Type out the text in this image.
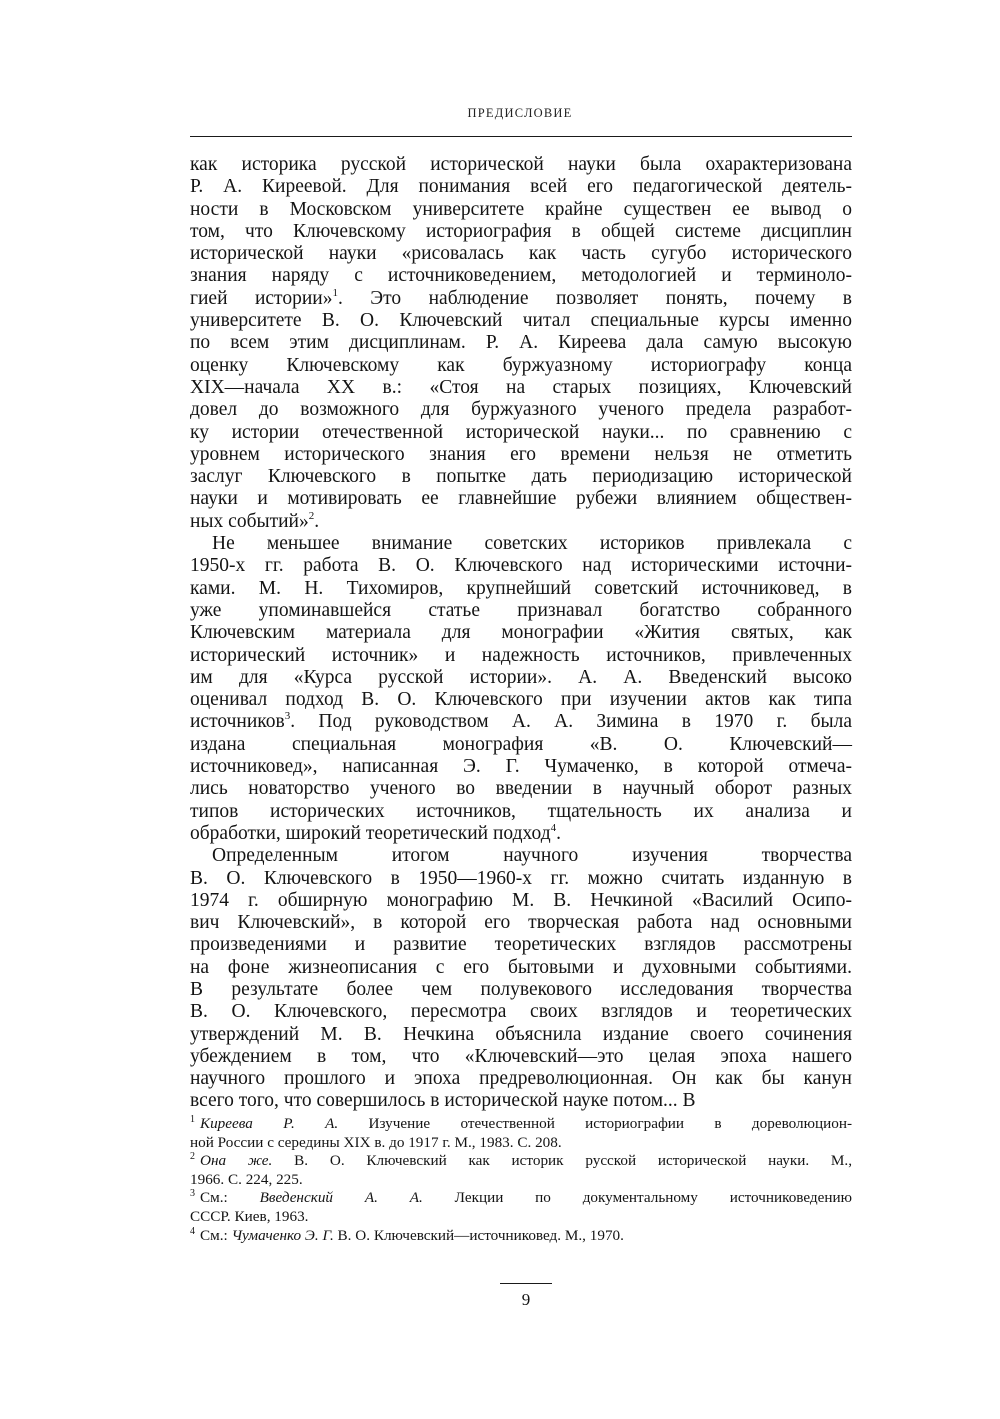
ПРЕДИСЛОВИЕ
как историка русской исторической науки была охарактеризована
Р. А. Киреевой. Для понимания всей его педагогической деятель-
ности в Московском университете крайне существен ее вывод о
том, что Ключевскому историография в общей системе дисциплин
исторической науки «рисовалась как часть сугубо исторического
знания наряду с источниковедением, методологией и терминоло-
гией истории»$^1$. Это наблюдение позволяет понять, почему в
университете В. О. Ключевский читал специальные курсы именно
по всем этим дисциплинам. Р. А. Киреева дала самую высокую
оценку Ключевскому как буржуазному историографу конца
XIX—начала XX в.: «Стоя на старых позициях, Ключевский
довел до возможного для буржуазного ученого предела разработ-
ку истории отечественной исторической науки... по сравнению с
уровнем исторического знания его времени нельзя не отметить
заслуг Ключевского в попытке дать периодизацию исторической
науки и мотивировать ее главнейшие рубежи влиянием обществен-
ных событий»$^2$.
Не меньшее внимание советских историков привлекала с
1950-х гг. работа В. О. Ключевского над историческими источни-
ками. М. Н. Тихомиров, крупнейший советский источниковед, в
уже упоминавшейся статье признавал богатство собранного
Ключевским материала для монографии «Жития святых, как
исторический источник» и надежность источников, привлеченных
им для «Курса русской истории». А. А. Введенский высоко
оценивал подход В. О. Ключевского при изучении актов как типа
источников$^3$. Под руководством А. А. Зимина в 1970 г. была
издана специальная монография «В. О. Ключевский—
источниковед», написанная Э. Г. Чумаченко, в которой отмеча-
лись новаторство ученого во введении в научный оборот разных
типов исторических источников, тщательность их анализа и
обработки, широкий теоретический подход$^4$.
Определенным итогом научного изучения творчества
В. О. Ключевского в 1950—1960-х гг. можно считать изданную в
1974 г. обширную монографию М. В. Нечкиной «Василий Осипо-
вич Ключевский», в которой его творческая работа над основными
произведениями и развитие теоретических взглядов рассмотрены
на фоне жизнеописания с его бытовыми и духовными событиями.
В результате более чем полувекового исследования творчества
В. О. Ключевского, пересмотра своих взглядов и теоретических
утверждений М. В. Нечкина объяснила издание своего сочинения
убеждением в том, что «Ключевский—это целая эпоха нашего
научного прошлого и эпоха предреволюционная. Он как бы канун
всего того, что совершилось в исторической науке потом... В
$^1$ Киреева Р. А. Изучение отечественной историографии в дореволюцион-
ной России с середины XIX в. до 1917 г. М., 1983. С. 208.
$^2$ Она же. В. О. Ключевский как историк русской исторической науки. М.,
1966. С. 224, 225.
$^3$ См.: Введенский А. А. Лекции по документальному источниковедению
СССР. Киев, 1963.
$^4$ См.: Чумаченко Э. Г. В. О. Ключевский—источниковед. М., 1970.
9
